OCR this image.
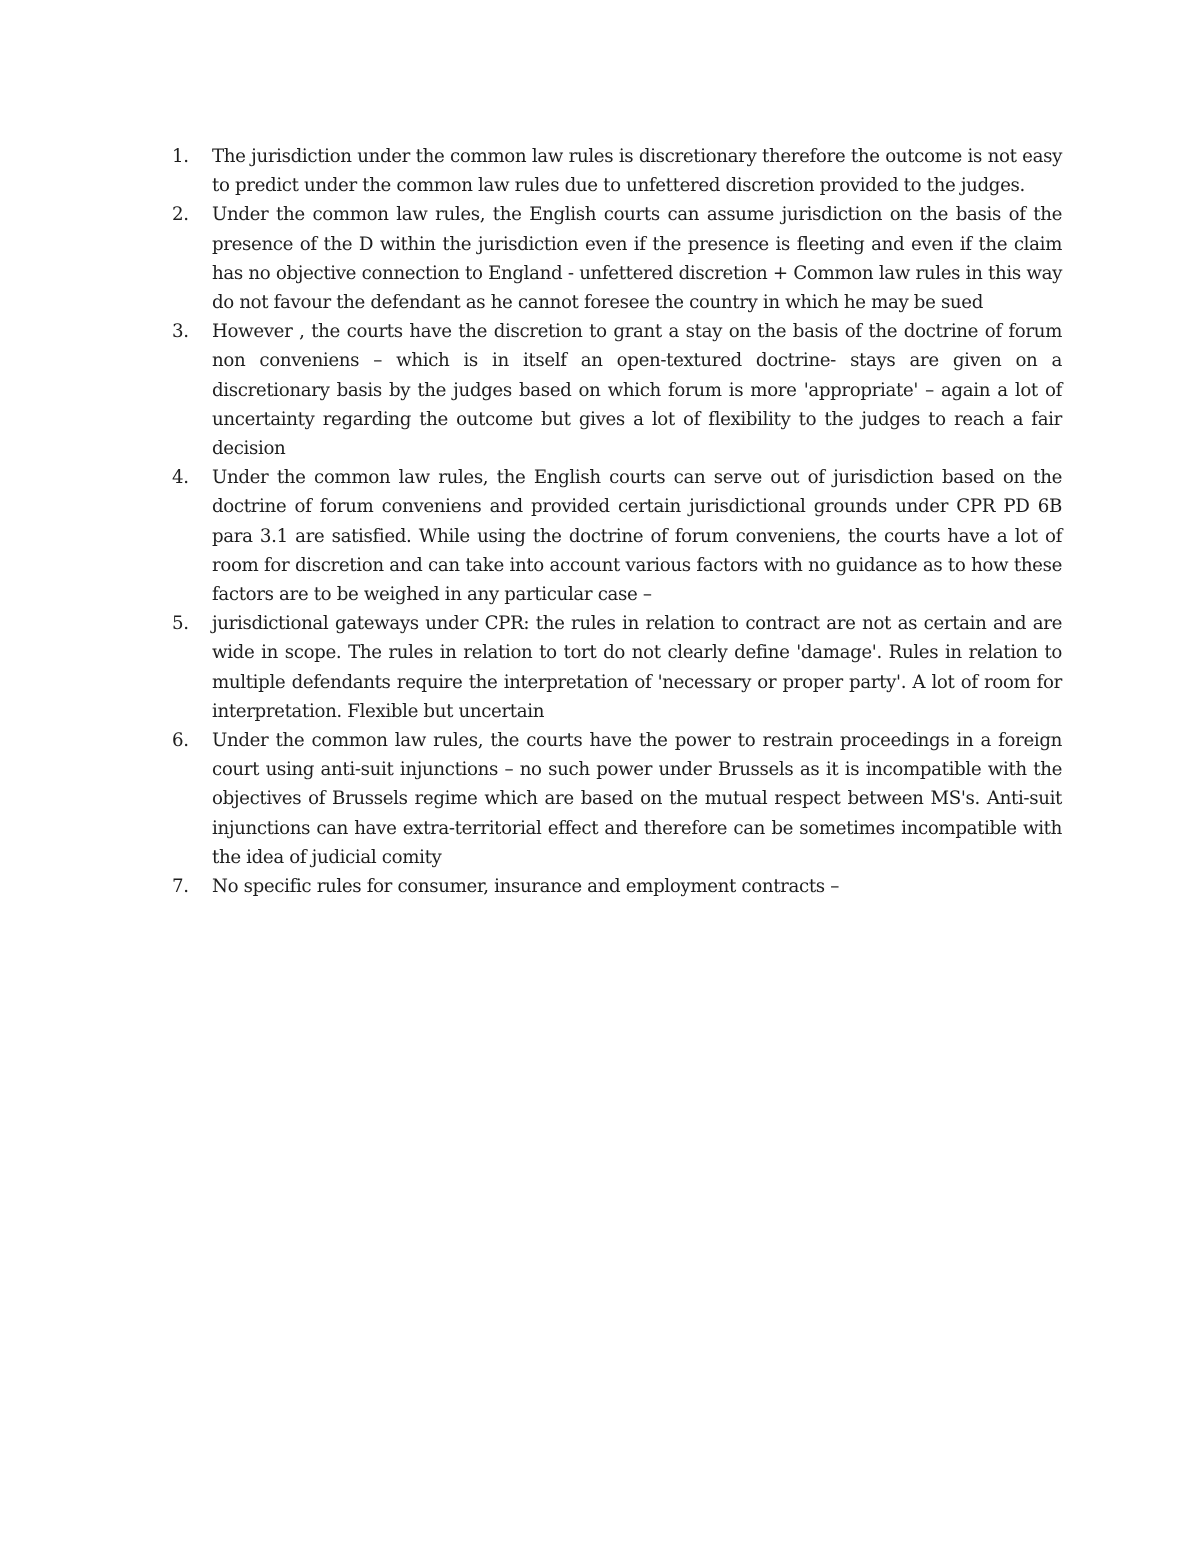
1.	The jurisdiction under the common law rules is discretionary therefore the outcome is not easy to predict under the common law rules due to unfettered discretion provided to the judges.
2.	Under the common law rules, the English courts can assume jurisdiction on the basis of the presence of the D within the jurisdiction even if the presence is fleeting and even if the claim has no objective connection to England - unfettered discretion + Common law rules in this way do not favour the defendant as he cannot foresee the country in which he may be sued
3.	However , the courts have the discretion to grant a stay on the basis of the doctrine of forum non conveniens – which is in itself an open-textured doctrine- stays are given on a discretionary basis by the judges based on which forum is more 'appropriate' – again a lot of uncertainty regarding the outcome but gives a lot of flexibility to the judges to reach a fair decision
4.	Under the common law rules, the English courts can serve out of jurisdiction based on the doctrine of forum conveniens and provided certain jurisdictional grounds under CPR PD 6B para 3.1 are satisfied. While using the doctrine of forum conveniens, the courts have a lot of room for discretion and can take into account various factors with no guidance as to how these factors are to be weighed in any particular case –
5.	jurisdictional gateways under CPR: the rules in relation to contract are not as certain and are wide in scope. The rules in relation to tort do not clearly define 'damage'. Rules in relation to multiple defendants require the interpretation of 'necessary or proper party'. A lot of room for interpretation. Flexible but uncertain
6.	Under the common law rules, the courts have the power to restrain proceedings in a foreign court using anti-suit injunctions – no such power under Brussels as it is incompatible with the objectives of Brussels regime which are based on the mutual respect between MS's. Anti-suit injunctions can have extra-territorial effect and therefore can be sometimes incompatible with the idea of judicial comity
7.	No specific rules for consumer, insurance and employment contracts –
